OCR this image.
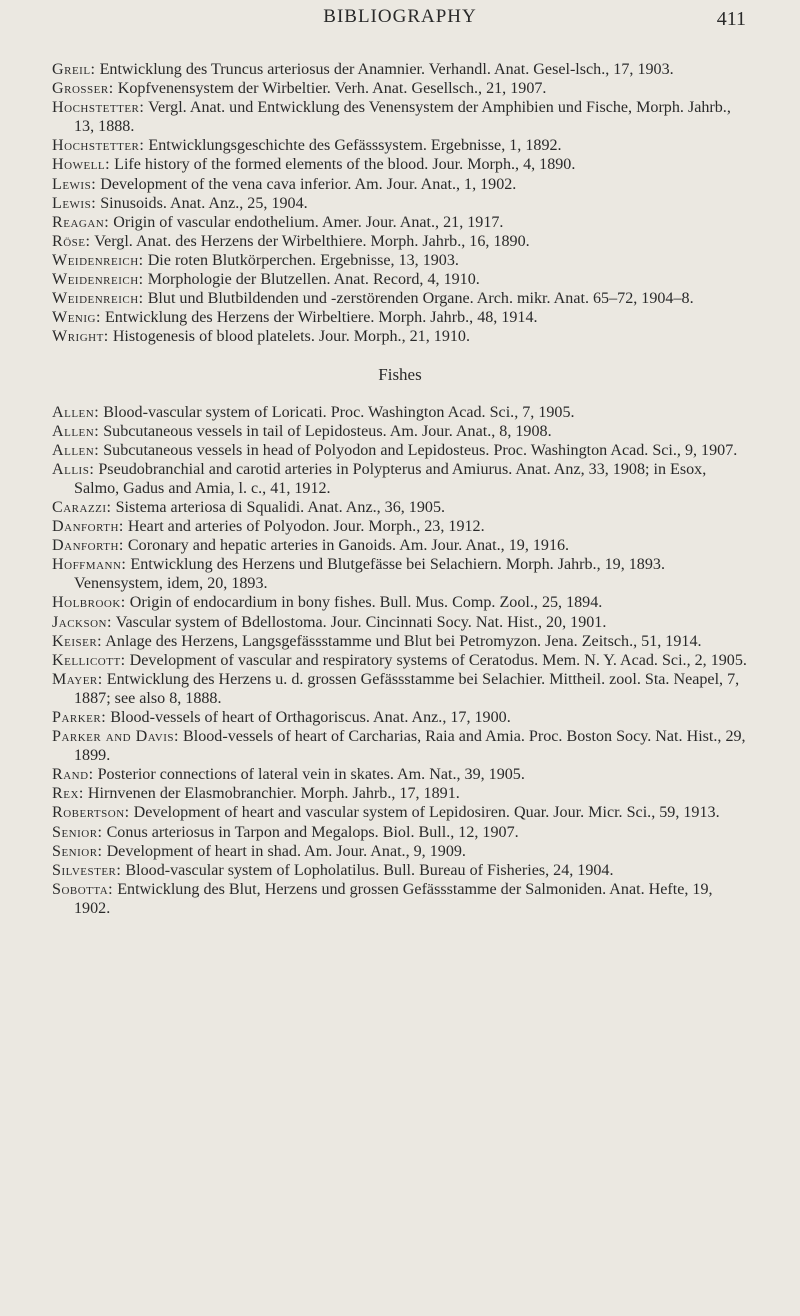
BIBLIOGRAPHY	411

Greil: Entwicklung des Truncus arteriosus der Anamnier. Verhandl. Anat. Gesel-lsch., 17, 1903.

Grosser: Kopfvenensystem der Wirbeltier. Verh. Anat. Gesellsch., 21, 1907.

Hochstetter: Vergl. Anat. und Entwicklung des Venensystem der Amphibien und Fische, Morph. Jahrb., 13, 1888.

Hochstetter: Entwicklungsgeschichte des Gefässsystem. Ergebnisse, 1, 1892.

Howell: Life history of the formed elements of the blood. Jour. Morph., 4, 1890.

Lewis: Development of the vena cava inferior. Am. Jour. Anat., 1, 1902.

Lewis: Sinusoids. Anat. Anz., 25, 1904.

Reagan: Origin of vascular endothelium. Amer. Jour. Anat., 21, 1917.

Röse: Vergl. Anat. des Herzens der Wirbelthiere. Morph. Jahrb., 16, 1890.

Weidenreich: Die roten Blutkörperchen. Ergebnisse, 13, 1903.

Weidenreich: Morphologie der Blutzellen. Anat. Record, 4, 1910.

Weidenreich: Blut und Blutbildenden und -zerstörenden Organe. Arch. mikr. Anat. 65–72, 1904–8.

Wenig: Entwicklung des Herzens der Wirbeltiere. Morph. Jahrb., 48, 1914.

Wright: Histogenesis of blood platelets. Jour. Morph., 21, 1910.

Fishes

Allen: Blood-vascular system of Loricati. Proc. Washington Acad. Sci., 7, 1905.

Allen: Subcutaneous vessels in tail of Lepidosteus. Am. Jour. Anat., 8, 1908.

Allen: Subcutaneous vessels in head of Polyodon and Lepidosteus. Proc. Washington Acad. Sci., 9, 1907.

Allis: Pseudobranchial and carotid arteries in Polypterus and Amiurus. Anat. Anz, 33, 1908; in Esox, Salmo, Gadus and Amia, l. c., 41, 1912.

Carazzi: Sistema arteriosa di Squalidi. Anat. Anz., 36, 1905.

Danforth: Heart and arteries of Polyodon. Jour. Morph., 23, 1912.

Danforth: Coronary and hepatic arteries in Ganoids. Am. Jour. Anat., 19, 1916.

Hoffmann: Entwicklung des Herzens und Blutgefässe bei Selachiern. Morph. Jahrb., 19, 1893. Venensystem, idem, 20, 1893.

Holbrook: Origin of endocardium in bony fishes. Bull. Mus. Comp. Zool., 25, 1894.

Jackson: Vascular system of Bdellostoma. Jour. Cincinnati Socy. Nat. Hist., 20, 1901.

Keiser: Anlage des Herzens, Langsgefässstamme und Blut bei Petromyzon. Jena. Zeitsch., 51, 1914.

Kellicott: Development of vascular and respiratory systems of Ceratodus. Mem. N. Y. Acad. Sci., 2, 1905.

Mayer: Entwicklung des Herzens u. d. grossen Gefässstamme bei Selachier. Mittheil. zool. Sta. Neapel, 7, 1887; see also 8, 1888.

Parker: Blood-vessels of heart of Orthagoriscus. Anat. Anz., 17, 1900.

Parker and Davis: Blood-vessels of heart of Carcharias, Raia and Amia. Proc. Boston Socy. Nat. Hist., 29, 1899.

Rand: Posterior connections of lateral vein in skates. Am. Nat., 39, 1905.

Rex: Hirnvenen der Elasmobranchier. Morph. Jahrb., 17, 1891.

Robertson: Development of heart and vascular system of Lepidosiren. Quar. Jour. Micr. Sci., 59, 1913.

Senior: Conus arteriosus in Tarpon and Megalops. Biol. Bull., 12, 1907.

Senior: Development of heart in shad. Am. Jour. Anat., 9, 1909.

Silvester: Blood-vascular system of Lopholatilus. Bull. Bureau of Fisheries, 24, 1904.

Sobotta: Entwicklung des Blut, Herzens und grossen Gefässstamme der Salmoniden. Anat. Hefte, 19, 1902.
